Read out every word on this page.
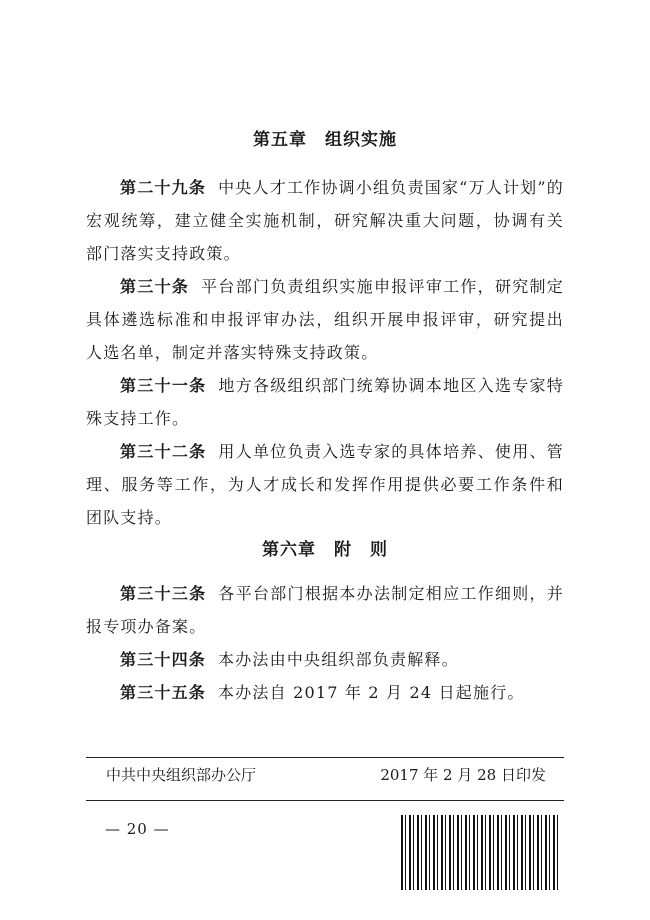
第五章 组织实施

第二十九条 中央人才工作协调小组负责国家“万人计划”的宏观统筹，建立健全实施机制，研究解决重大问题，协调有关部门落实支持政策。

第三十条 平台部门负责组织实施申报评审工作，研究制定具体遴选标准和申报评审办法，组织开展申报评审，研究提出人选名单，制定并落实特殊支持政策。

第三十一条 地方各级组织部门统筹协调本地区入选专家特殊支持工作。

第三十二条 用人单位负责入选专家的具体培养、使用、管理、服务等工作，为人才成长和发挥作用提供必要工作条件和团队支持。

第六章 附　则

第三十三条 各平台部门根据本办法制定相应工作细则，并报专项办备案。

第三十四条 本办法由中央组织部负责解释。

第三十五条 本办法自 2017 年 2 月 24 日起施行。

中共中央组织部办公厅	2017 年 2 月 28 日印发
— 20 —
